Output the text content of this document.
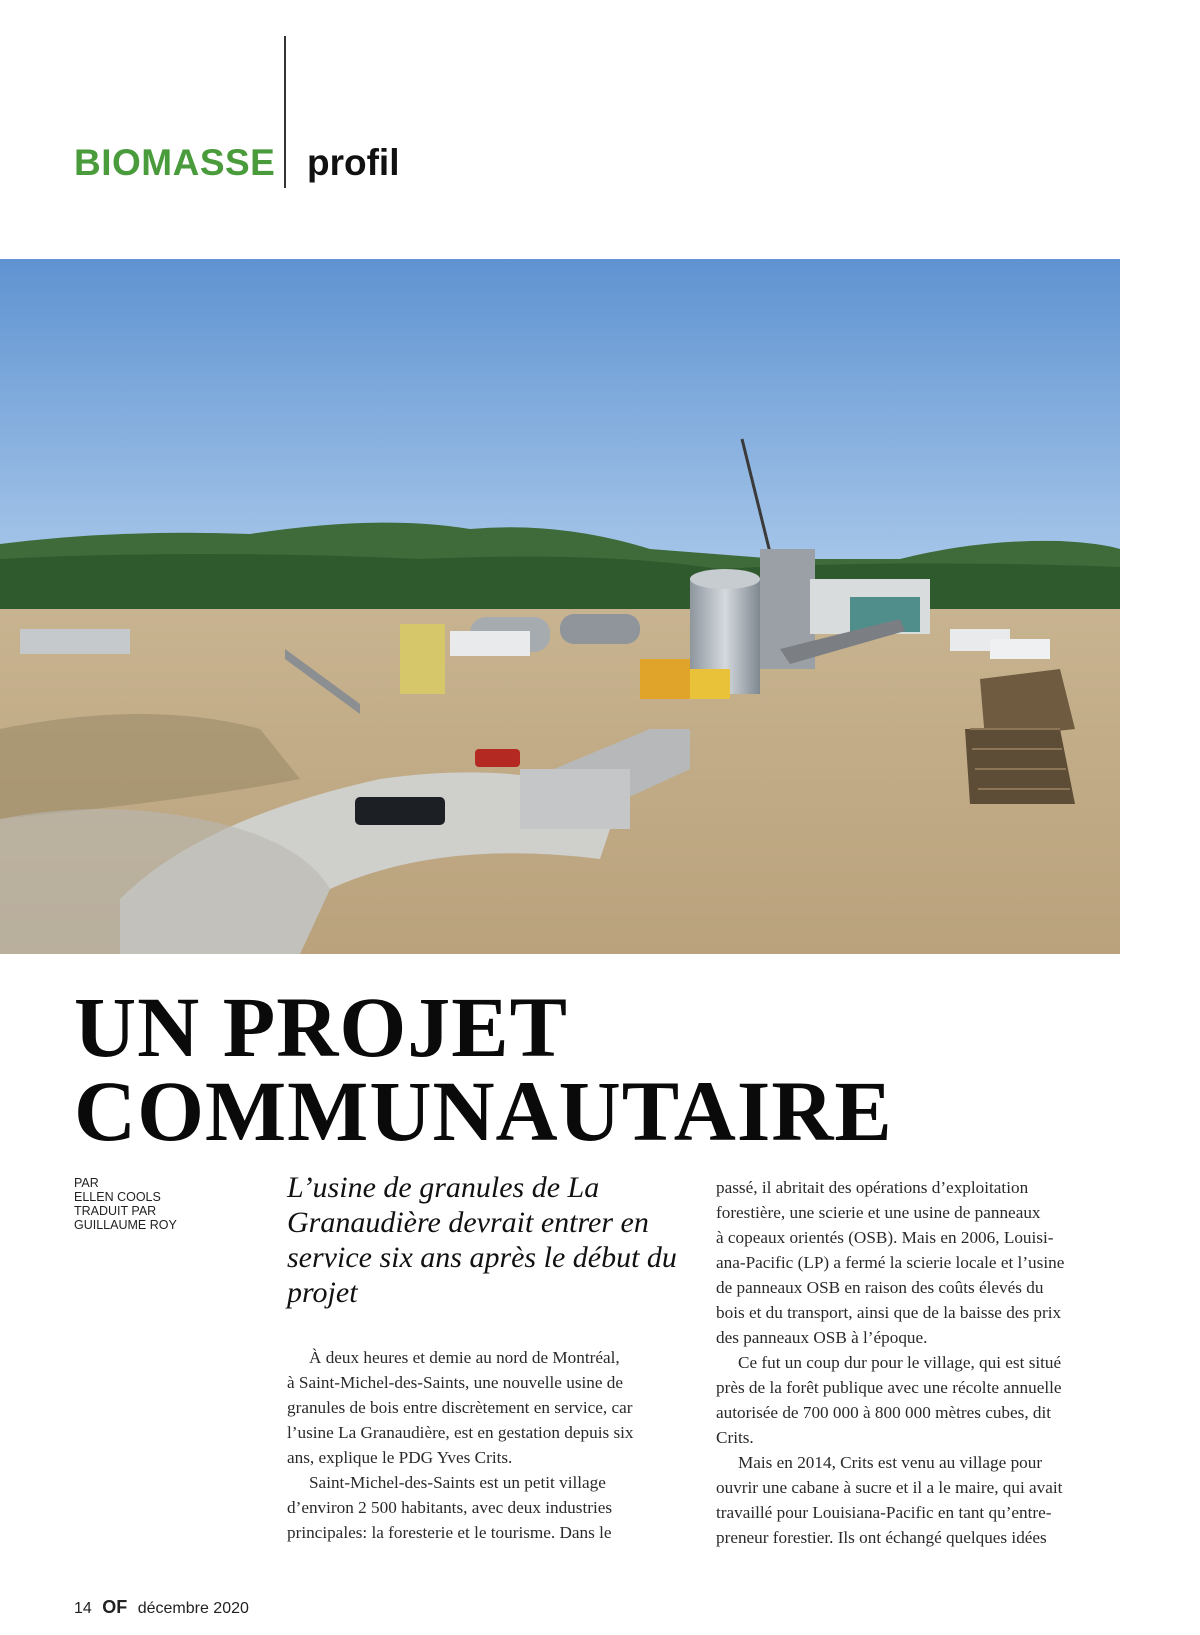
BIOMASSE profil
UN PROJET
COMMUNAUTAIRE
PAR
ELLEN COOLS
TRADUIT PAR
GUILLAUME ROY
L’usine de granules de La Granaudière devrait entrer en service six ans après le début du projet

À deux heures et demie au nord de Montréal,
à Saint-Michel-des-Saints, une nouvelle usine de
granules de bois entre discrètement en service, car
l’usine La Granaudière, est en gestation depuis six
ans, explique le PDG Yves Crits.

Saint-Michel-des-Saints est un petit village
d’environ 2 500 habitants, avec deux industries
principales: la foresterie et le tourisme. Dans le

passé, il abritait des opérations d’exploitation
forestière, une scierie et une usine de panneaux
à copeaux orientés (OSB). Mais en 2006, Louisi-
ana-Pacific (LP) a fermé la scierie locale et l’usine
de panneaux OSB en raison des coûts élevés du
bois et du transport, ainsi que de la baisse des prix
des panneaux OSB à l’époque.

Ce fut un coup dur pour le village, qui est situé
près de la forêt publique avec une récolte annuelle
autorisée de 700 000 à 800 000 mètres cubes, dit
Crits.

Mais en 2014, Crits est venu au village pour
ouvrir une cabane à sucre et il a le maire, qui avait
travaillé pour Louisiana-Pacific en tant qu’entre-
preneur forestier. Ils ont échangé quelques idées

14 OF décembre 2020
